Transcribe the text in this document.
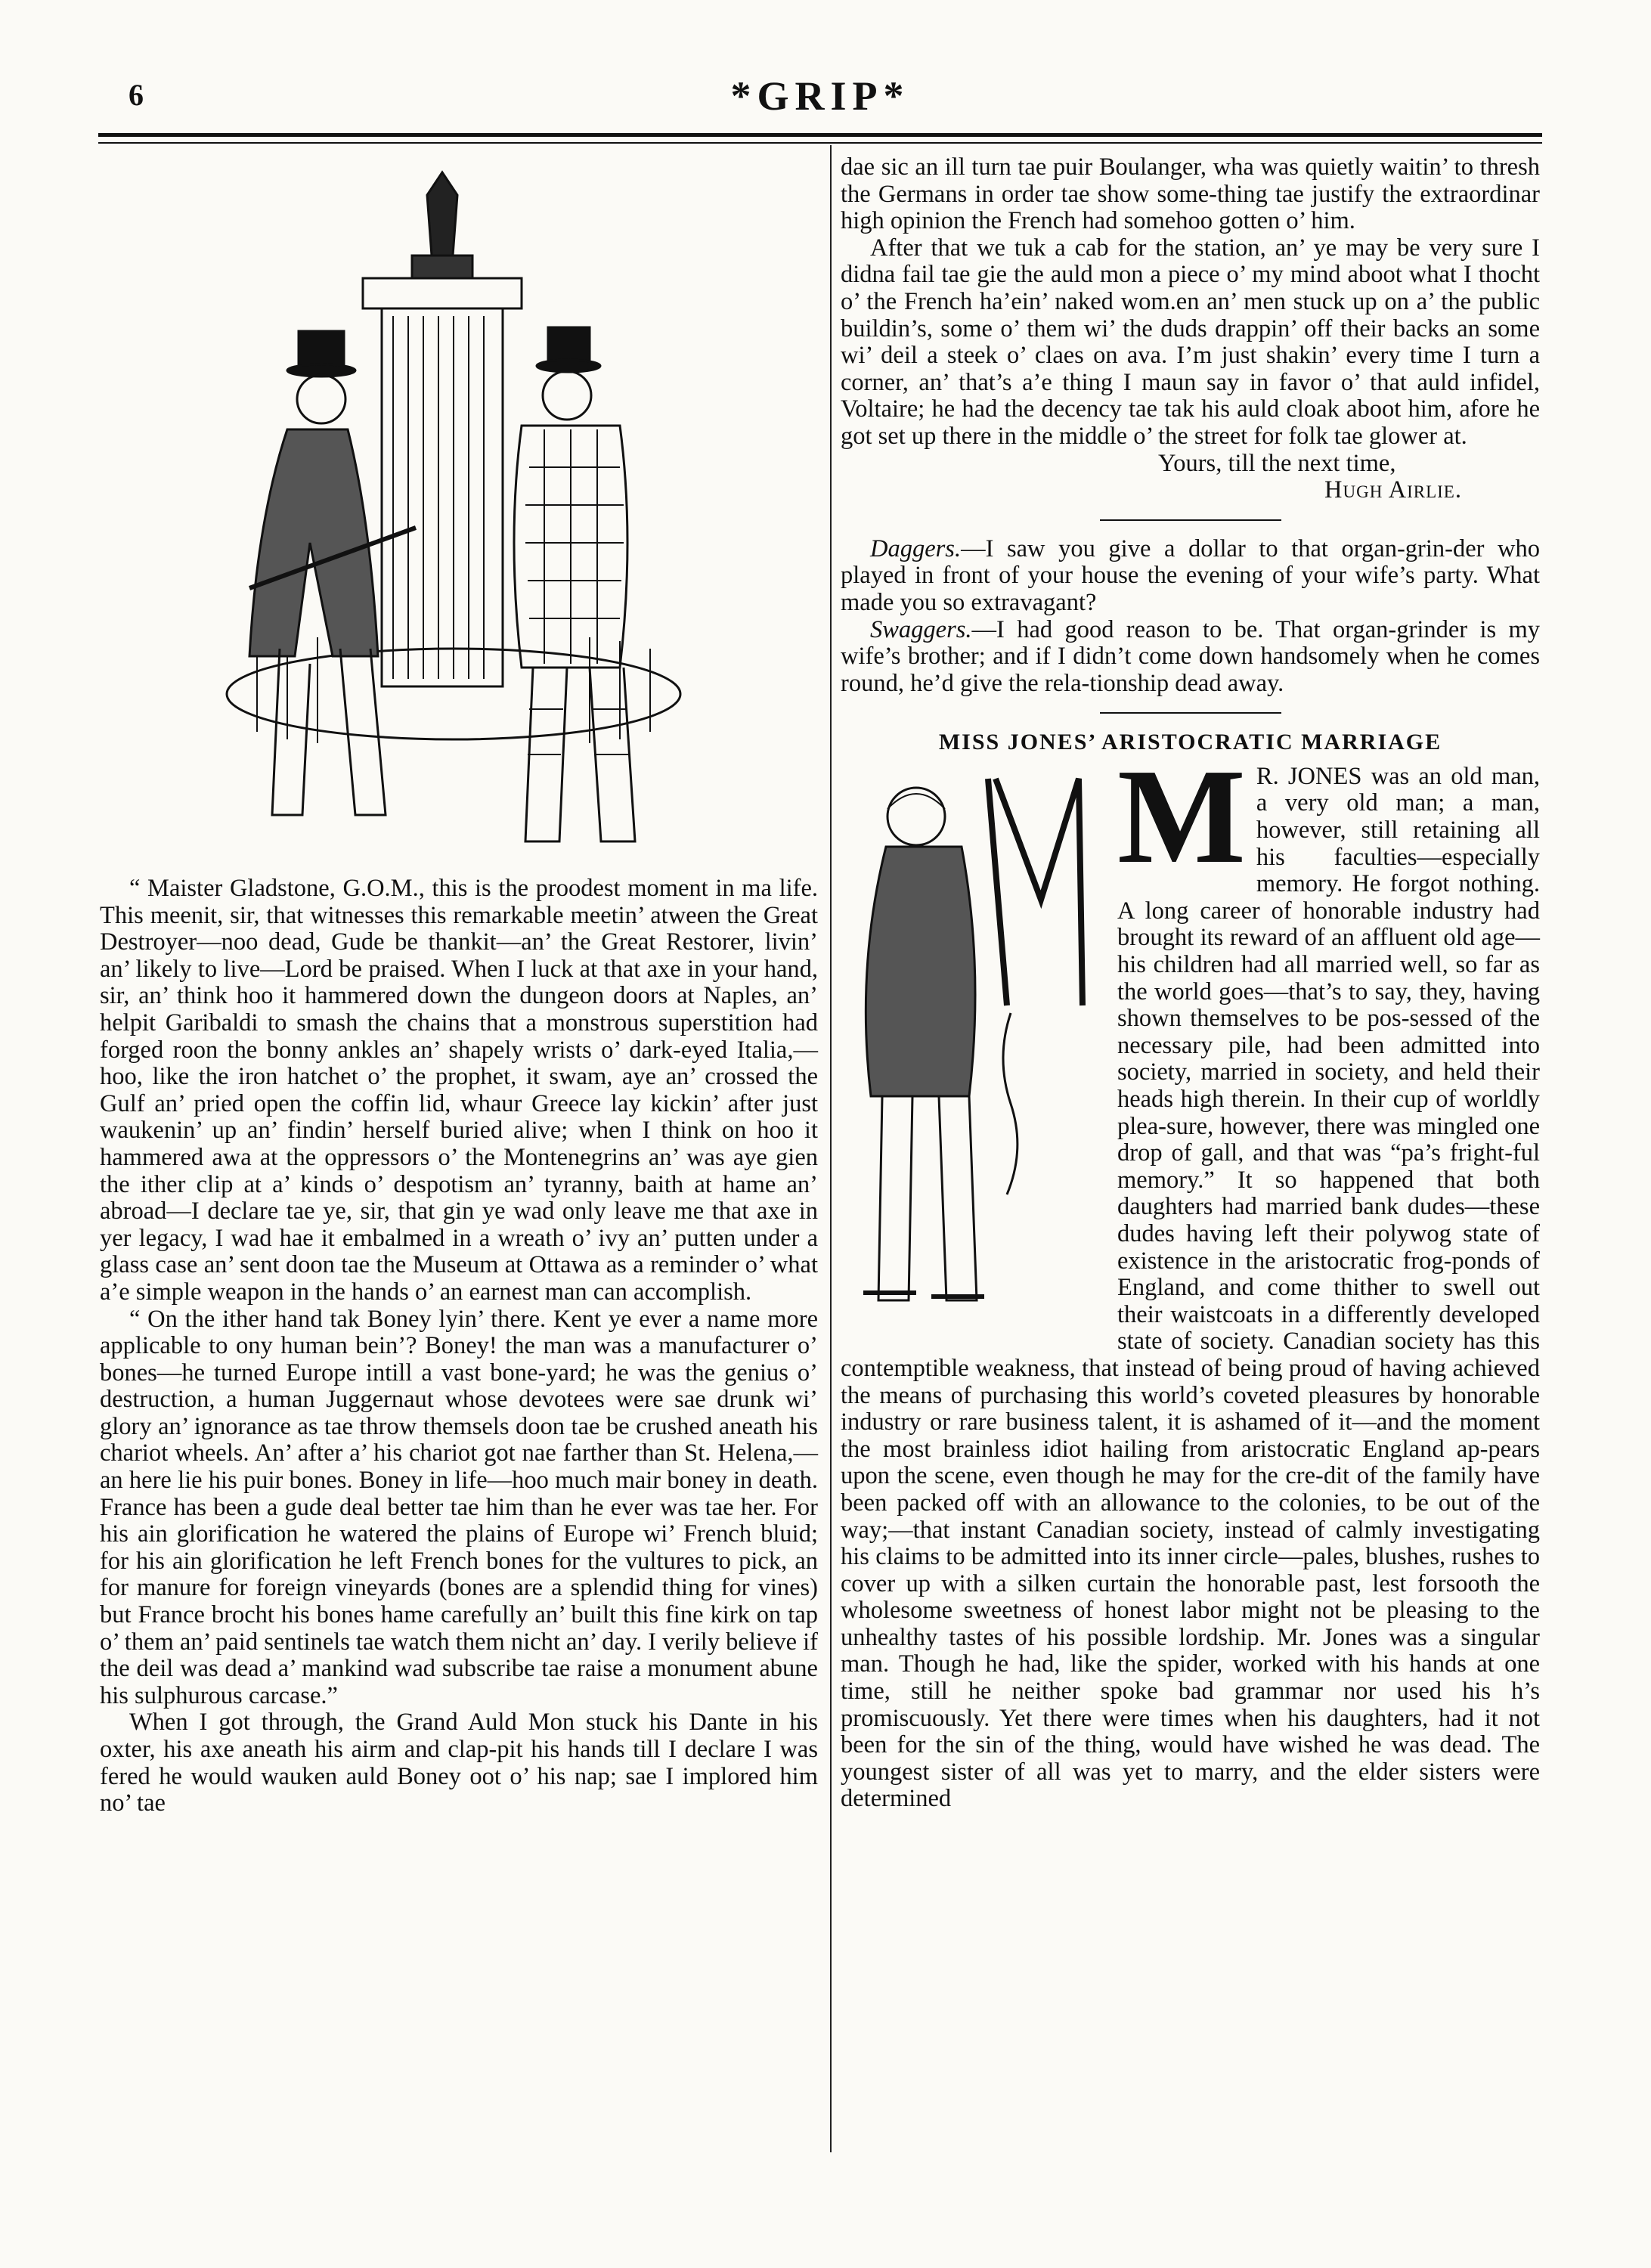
6	*GRIP*

“ Maister Gladstone, G.O.M., this is the proodest moment in ma life. This meenit, sir, that witnesses this remarkable meetin’ atween the Great Destroyer—noo dead, Gude be thankit—an’ the Great Restorer, livin’ an’ likely to live—Lord be praised. When I luck at that axe in your hand, sir, an’ think hoo it hammered down the dungeon doors at Naples, an’ helpit Garibaldi to smash the chains that a monstrous superstition had forged roon the bonny ankles an’ shapely wrists o’ dark-eyed Italia,—hoo, like the iron hatchet o’ the prophet, it swam, aye an’ crossed the Gulf an’ pried open the coffin lid, whaur Greece lay kickin’ after just waukenin’ up an’ findin’ herself buried alive; when I think on hoo it hammered awa at the oppressors o’ the Montenegrins an’ was aye gien the ither clip at a’ kinds o’ despotism an’ tyranny, baith at hame an’ abroad—I declare tae ye, sir, that gin ye wad only leave me that axe in yer legacy, I wad hae it embalmed in a wreath o’ ivy an’ putten under a glass case an’ sent doon tae the Museum at Ottawa as a reminder o’ what a’e simple weapon in the hands o’ an earnest man can accomplish.

“ On the ither hand tak Boney lyin’ there. Kent ye ever a name more applicable to ony human bein’? Boney! the man was a manufacturer o’ bones—he turned Europe intill a vast bone-yard; he was the genius o’ destruction, a human Juggernaut whose devotees were sae drunk wi’ glory an’ ignorance as tae throw themsels doon tae be crushed aneath his chariot wheels. An’ after a’ his chariot got nae farther than St. Helena,—an here lie his puir bones. Boney in life—hoo much mair boney in death. France has been a gude deal better tae him than he ever was tae her. For his ain glorification he watered the plains of Europe wi’ French bluid; for his ain glorification he left French bones for the vultures to pick, an for manure for foreign vineyards (bones are a splendid thing for vines) but France brocht his bones hame carefully an’ built this fine kirk on tap o’ them an’ paid sentinels tae watch them nicht an’ day. I verily believe if the deil was dead a’ mankind wad subscribe tae raise a monument abune his sulphurous carcase.”

When I got through, the Grand Auld Mon stuck his Dante in his oxter, his axe aneath his airm and clap-pit his hands till I declare I was fered he would wauken auld Boney oot o’ his nap; sae I implored him no’ tae

dae sic an ill turn tae puir Boulanger, wha was quietly waitin’ to thresh the Germans in order tae show some-thing tae justify the extraordinar high opinion the French had somehoo gotten o’ him.

After that we tuk a cab for the station, an’ ye may be very sure I didna fail tae gie the auld mon a piece o’ my mind aboot what I thocht o’ the French ha’ein’ naked wom.en an’ men stuck up on a’ the public buildin’s, some o’ them wi’ the duds drappin’ off their backs an some wi’ deil a steek o’ claes on ava. I’m just shakin’ every time I turn a corner, an’ that’s a’e thing I maun say in favor o’ that auld infidel, Voltaire; he had the decency tae tak his auld cloak aboot him, afore he got set up there in the middle o’ the street for folk tae glower at.

Yours, till the next time,

Hugh Airlie.

Daggers.—I saw you give a dollar to that organ-grin-der who played in front of your house the evening of your wife’s party. What made you so extravagant?

Swaggers.—I had good reason to be. That organ-grinder is my wife’s brother; and if I didn’t come down handsomely when he comes round, he’d give the rela-tionship dead away.

MISS JONES’ ARISTOCRATIC MARRIAGE

M R. JONES was an old man, a very old man; a man, however, still retaining all his faculties—especially memory. He forgot nothing. A long career of honorable industry had brought its reward of an affluent old age—his children had all married well, so far as the world goes—that’s to say, they, having shown themselves to be pos-sessed of the necessary pile, had been admitted into society, married in society, and held their heads high therein. In their cup of worldly plea-sure, however, there was mingled one drop of gall, and that was “pa’s fright-ful memory.” It so happened that both daughters had married bank dudes—these dudes having left their polywog state of existence in the aristocratic frog-ponds of England, and come thither to swell out their waistcoats in a differently developed state of society. Canadian society has this contemptible weakness, that instead of being proud of having achieved the means of purchasing this world’s coveted pleasures by honorable industry or rare business talent, it is ashamed of it—and the moment the most brainless idiot hailing from aristocratic England ap-pears upon the scene, even though he may for the cre-dit of the family have been packed off with an allowance to the colonies, to be out of the way;—that instant Canadian society, instead of calmly investigating his claims to be admitted into its inner circle—pales, blushes, rushes to cover up with a silken curtain the honorable past, lest forsooth the wholesome sweetness of honest labor might not be pleasing to the unhealthy tastes of his possible lordship. Mr. Jones was a singular man. Though he had, like the spider, worked with his hands at one time, still he neither spoke bad grammar nor used his h’s promiscuously. Yet there were times when his daughters, had it not been for the sin of the thing, would have wished he was dead. The youngest sister of all was yet to marry, and the elder sisters were determined
